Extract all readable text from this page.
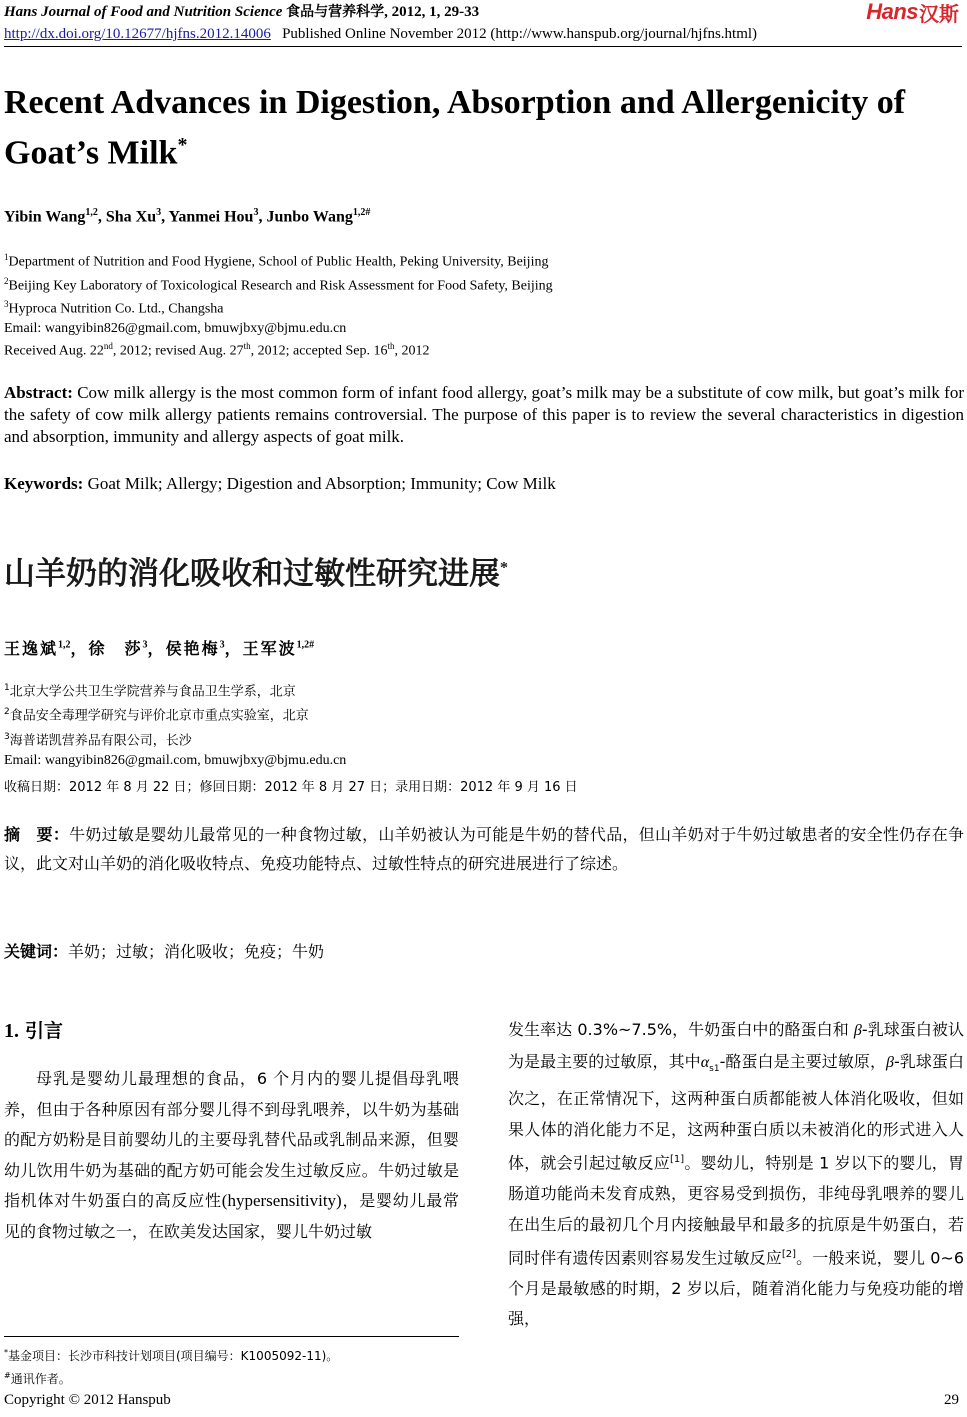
Hans Journal of Food and Nutrition Science 食品与营养科学, 2012, 1, 29-33
http://dx.doi.org/10.12677/hjfns.2012.14006 Published Online November 2012 (http://www.hanspub.org/journal/hjfns.html)
Hans 汉斯
Recent Advances in Digestion, Absorption and Allergenicity of Goat’s Milk*
Yibin Wang$^{1,2}$, Sha Xu$^3$, Yanmei Hou$^3$, Junbo Wang$^{1,2\#}$
$^1$Department of Nutrition and Food Hygiene, School of Public Health, Peking University, Beijing
$^2$Beijing Key Laboratory of Toxicological Research and Risk Assessment for Food Safety, Beijing
$^3$Hyproca Nutrition Co. Ltd., Changsha
Email: wangyibin826@gmail.com, bmuwjbxy@bjmu.edu.cn
Received Aug. 22nd, 2012; revised Aug. 27th, 2012; accepted Sep. 16th, 2012
Abstract: Cow milk allergy is the most common form of infant food allergy, goat’s milk may be a substitute of cow milk, but goat’s milk for the safety of cow milk allergy patients remains controversial. The purpose of this paper is to review the several characteristics in digestion and absorption, immunity and allergy aspects of goat milk.
Keywords: Goat Milk; Allergy; Digestion and Absorption; Immunity; Cow Milk
山羊奶的消化吸收和过敏性研究进展*
王逸斌$^{1,2}$，徐　莎$^3$，侯艳梅$^3$，王军波$^{1,2\#}$
$^1$北京大学公共卫生学院营养与食品卫生学系，北京
$^2$食品安全毒理学研究与评价北京市重点实验室，北京
$^3$海普诺凯营养品有限公司，长沙
Email: wangyibin826@gmail.com, bmuwjbxy@bjmu.edu.cn
收稿日期：2012 年 8 月 22 日；修回日期：2012 年 8 月 27 日；录用日期：2012 年 9 月 16 日
摘　要：牛奶过敏是婴幼儿最常见的一种食物过敏，山羊奶被认为可能是牛奶的替代品，但山羊奶对于牛奶过敏患者的安全性仍存在争议，此文对山羊奶的消化吸收特点、免疫功能特点、过敏性特点的研究进展进行了综述。
关键词：羊奶；过敏；消化吸收；免疫；牛奶
1. 引言
母乳是婴幼儿最理想的食品，6 个月内的婴儿提倡母乳喂养，但由于各种原因有部分婴儿得不到母乳喂养，以牛奶为基础的配方奶粉是目前婴幼儿的主要母乳替代品或乳制品来源，但婴幼儿饮用牛奶为基础的配方奶可能会发生过敏反应。牛奶过敏是指机体对牛奶蛋白的高反应性(hypersensitivity)，是婴幼儿最常见的食物过敏之一，在欧美发达国家，婴儿牛奶过敏
发生率达 0.3%~7.5%，牛奶蛋白中的酪蛋白和 β-乳球蛋白被认为是最主要的过敏原，其中$\alpha_{s1}-$酪蛋白是主要过敏原，β-乳球蛋白次之，在正常情况下，这两种蛋白质都能被人体消化吸收，但如果人体的消化能力不足，这两种蛋白质以未被消化的形式进入人体，就会引起过敏反应[1]。婴幼儿，特别是 1 岁以下的婴儿，胃肠道功能尚未发育成熟，更容易受到损伤，非纯母乳喂养的婴儿在出生后的最初几个月内接触最早和最多的抗原是牛奶蛋白，若同时伴有遗传因素则容易发生过敏反应[2]。一般来说，婴儿 0~6 个月是最敏感的时期，2 岁以后，随着消化能力与免疫功能的增强，
*基金项目：长沙市科技计划项目(项目编号：K1005092-11)。
#通讯作者。
Copyright © 2012 Hanspub	29
